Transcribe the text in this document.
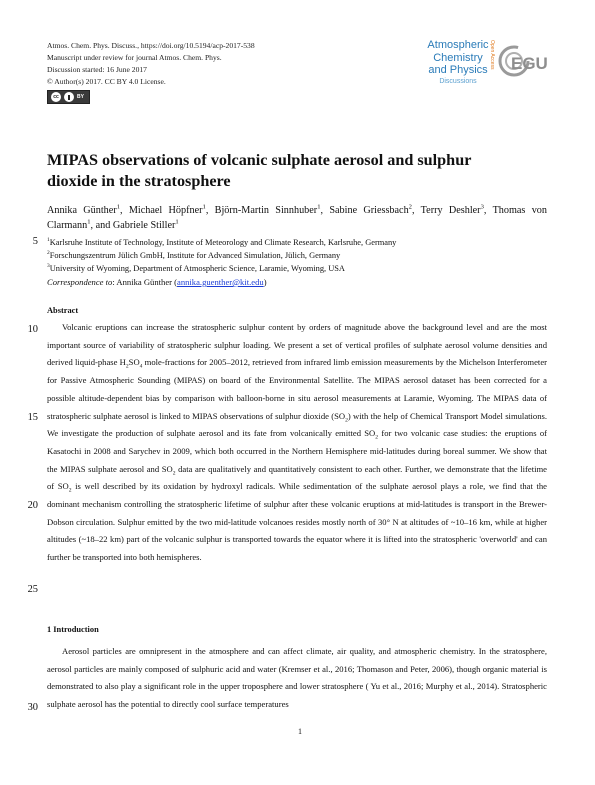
Atmos. Chem. Phys. Discuss., https://doi.org/10.5194/acp-2017-538
Manuscript under review for journal Atmos. Chem. Phys.
Discussion started: 16 June 2017
© Author(s) 2017. CC BY 4.0 License.
cc	BY
Atmospheric
Chemistry
and Physics
Discussions
Open Access EGU
MIPAS observations of volcanic sulphate aerosol and sulphur
dioxide in the stratosphere
Annika Günther$^1$, Michael Höpfner$^1$, Björn-Martin Sinnhuber$^1$, Sabine Griessbach$^2$, Terry Deshler$^3$, Thomas von Clarmann$^1$, and Gabriele Stiller$^1$
$^1$Karlsruhe Institute of Technology, Institute of Meteorology and Climate Research, Karlsruhe, Germany
$^2$Forschungszentrum Jülich GmbH, Institute for Advanced Simulation, Jülich, Germany
$^3$University of Wyoming, Department of Atmospheric Science, Laramie, Wyoming, USA
Correspondence to: Annika Günther (annika.guenther@kit.edu)
Abstract
Volcanic eruptions can increase the stratospheric sulphur content by orders of magnitude above the background level and are the most important source of variability of stratospheric sulphur loading. We present a set of vertical profiles of sulphate aerosol volume densities and derived liquid-phase $H_2SO_4$ mole-fractions for 2005–2012, retrieved from infrared limb emission measurements by the Michelson Interferometer for Passive Atmospheric Sounding (MIPAS) on board of the Environmental Satellite. The MIPAS aerosol dataset has been corrected for a possible altitude-dependent bias by comparison with balloon-borne in situ aerosol measurements at Laramie, Wyoming. The MIPAS data of stratospheric sulphate aerosol is linked to MIPAS observations of sulphur dioxide $(SO_2)$ with the help of Chemical Transport Model simulations. We investigate the production of sulphate aerosol and its fate from volcanically emitted $SO_2$ for two volcanic case studies: the eruptions of Kasatochi in 2008 and Sarychev in 2009, which both occurred in the Northern Hemisphere mid-latitudes during boreal summer. We show that the MIPAS sulphate aerosol and $SO_2$ data are qualitatively and quantitatively consistent to each other. Further, we demonstrate that the lifetime of $SO_2$ is well described by its oxidation by hydroxyl radicals. While sedimentation of the sulphate aerosol plays a role, we find that the dominant mechanism controlling the stratospheric lifetime of sulphur after these volcanic eruptions at mid-latitudes is transport in the Brewer-Dobson circulation. Sulphur emitted by the two mid-latitude volcanoes resides mostly north of 30° N at altitudes of ~10–16 km, while at higher altitudes (~18–22 km) part of the volcanic sulphur is transported towards the equator where it is lifted into the stratospheric 'overworld' and can further be transported into both hemispheres.
1 Introduction
Aerosol particles are omnipresent in the atmosphere and can affect climate, air quality, and atmospheric chemistry. In the stratosphere, aerosol particles are mainly composed of sulphuric acid and water (Kremser et al., 2016; Thomason and Peter, 2006), though organic material is demonstrated to also play a significant role in the upper troposphere and lower stratosphere ( Yu et al., 2016; Murphy et al., 2014). Stratospheric sulphate aerosol has the potential to directly cool surface temperatures
5
10
15
20
25
30
1
